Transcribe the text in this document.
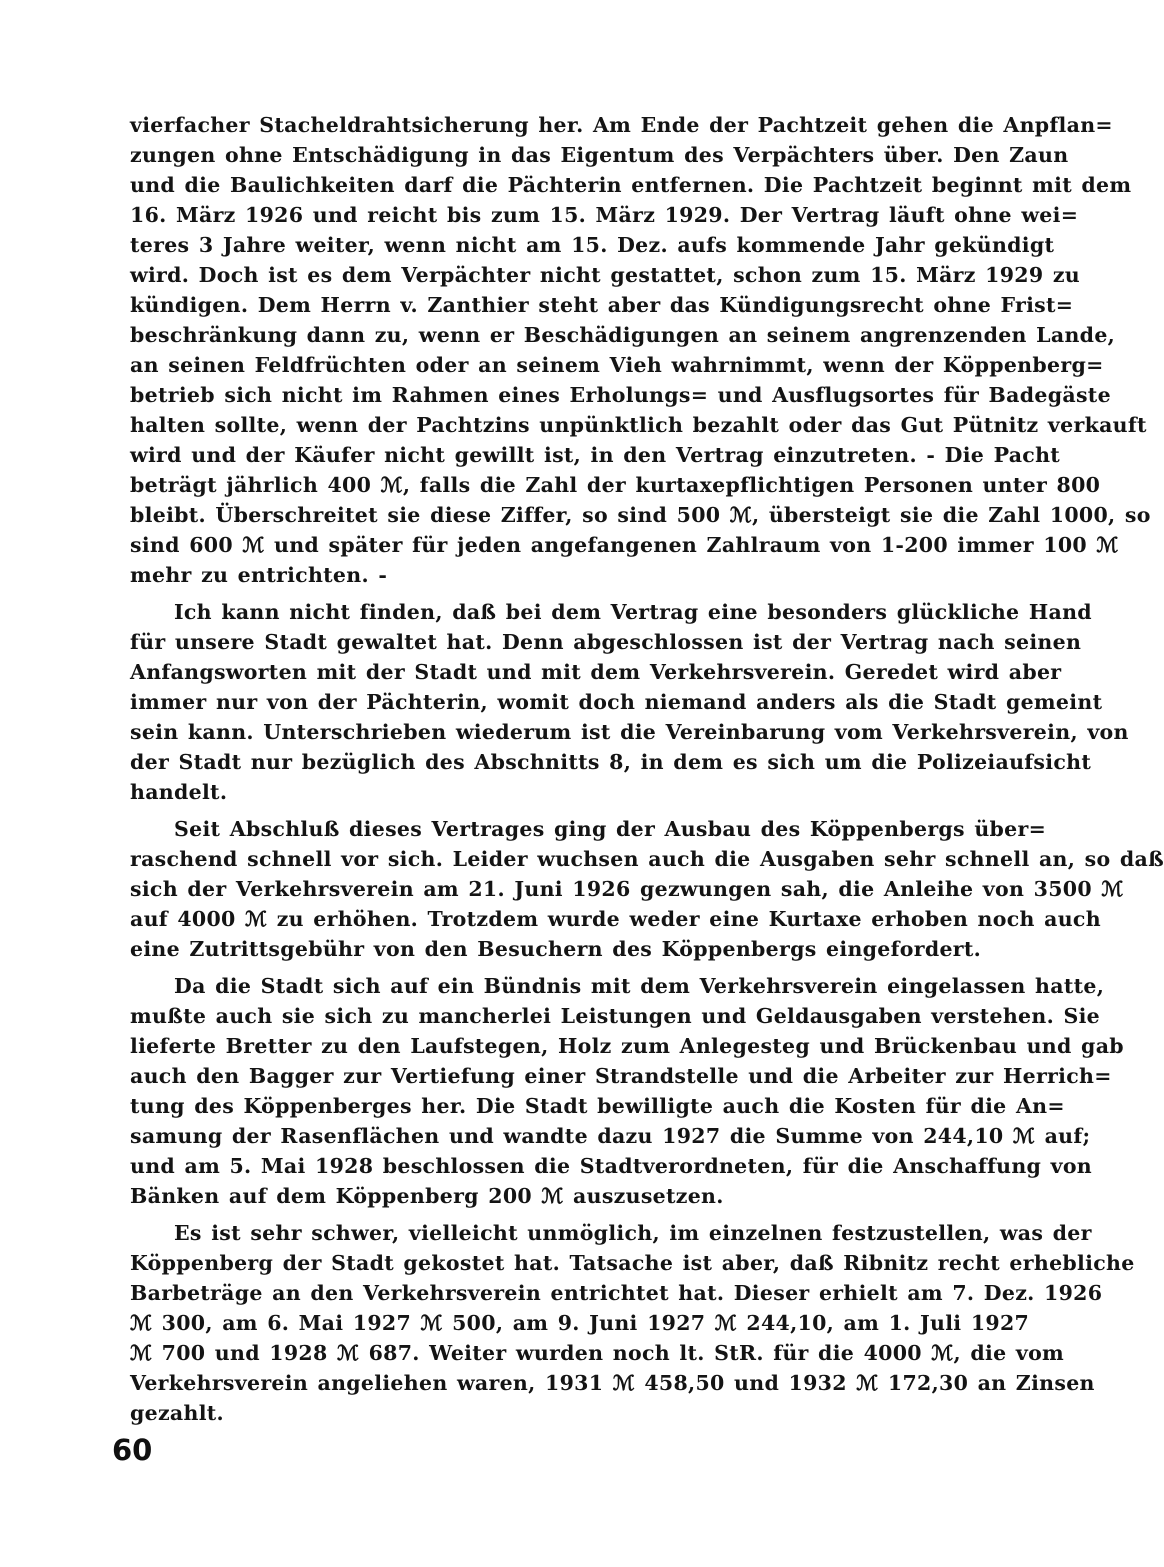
vierfacher Stacheldrahtsicherung her. Am Ende der Pachtzeit gehen die Anpflan=
zungen ohne Entschädigung in das Eigentum des Verpächters über. Den Zaun
und die Baulichkeiten darf die Pächterin entfernen. Die Pachtzeit beginnt mit dem
16. März 1926 und reicht bis zum 15. März 1929. Der Vertrag läuft ohne wei=
teres 3 Jahre weiter, wenn nicht am 15. Dez. aufs kommende Jahr gekündigt
wird. Doch ist es dem Verpächter nicht gestattet, schon zum 15. März 1929 zu
kündigen. Dem Herrn v. Zanthier steht aber das Kündigungsrecht ohne Frist=
beschränkung dann zu, wenn er Beschädigungen an seinem angrenzenden Lande,
an seinen Feldfrüchten oder an seinem Vieh wahrnimmt, wenn der Köppenberg=
betrieb sich nicht im Rahmen eines Erholungs= und Ausflugsortes für Badegäste
halten sollte, wenn der Pachtzins unpünktlich bezahlt oder das Gut Pütnitz verkauft
wird und der Käufer nicht gewillt ist, in den Vertrag einzutreten. - Die Pacht
beträgt jährlich 400 ℳ, falls die Zahl der kurtaxepflichtigen Personen unter 800
bleibt. Überschreitet sie diese Ziffer, so sind 500 ℳ, übersteigt sie die Zahl 1000, so
sind 600 ℳ und später für jeden angefangenen Zahlraum von 1-200 immer 100 ℳ
mehr zu entrichten. -
Ich kann nicht finden, daß bei dem Vertrag eine besonders glückliche Hand
für unsere Stadt gewaltet hat. Denn abgeschlossen ist der Vertrag nach seinen
Anfangsworten mit der Stadt und mit dem Verkehrsverein. Geredet wird aber
immer nur von der Pächterin, womit doch niemand anders als die Stadt gemeint
sein kann. Unterschrieben wiederum ist die Vereinbarung vom Verkehrsverein, von
der Stadt nur bezüglich des Abschnitts 8, in dem es sich um die Polizeiaufsicht
handelt.
Seit Abschluß dieses Vertrages ging der Ausbau des Köppenbergs über=
raschend schnell vor sich. Leider wuchsen auch die Ausgaben sehr schnell an, so daß
sich der Verkehrsverein am 21. Juni 1926 gezwungen sah, die Anleihe von 3500 ℳ
auf 4000 ℳ zu erhöhen. Trotzdem wurde weder eine Kurtaxe erhoben noch auch
eine Zutrittsgebühr von den Besuchern des Köppenbergs eingefordert.
Da die Stadt sich auf ein Bündnis mit dem Verkehrsverein eingelassen hatte,
mußte auch sie sich zu mancherlei Leistungen und Geldausgaben verstehen. Sie
lieferte Bretter zu den Laufstegen, Holz zum Anlegesteg und Brückenbau und gab
auch den Bagger zur Vertiefung einer Strandstelle und die Arbeiter zur Herrich=
tung des Köppenberges her. Die Stadt bewilligte auch die Kosten für die An=
samung der Rasenflächen und wandte dazu 1927 die Summe von 244,10 ℳ auf;
und am 5. Mai 1928 beschlossen die Stadtverordneten, für die Anschaffung von
Bänken auf dem Köppenberg 200 ℳ auszusetzen.
Es ist sehr schwer, vielleicht unmöglich, im einzelnen festzustellen, was der
Köppenberg der Stadt gekostet hat. Tatsache ist aber, daß Ribnitz recht erhebliche
Barbeträge an den Verkehrsverein entrichtet hat. Dieser erhielt am 7. Dez. 1926
ℳ 300, am 6. Mai 1927 ℳ 500, am 9. Juni 1927 ℳ 244,10, am 1. Juli 1927
ℳ 700 und 1928 ℳ 687. Weiter wurden noch lt. StR. für die 4000 ℳ, die vom
Verkehrsverein angeliehen waren, 1931 ℳ 458,50 und 1932 ℳ 172,30 an Zinsen
gezahlt.
60
